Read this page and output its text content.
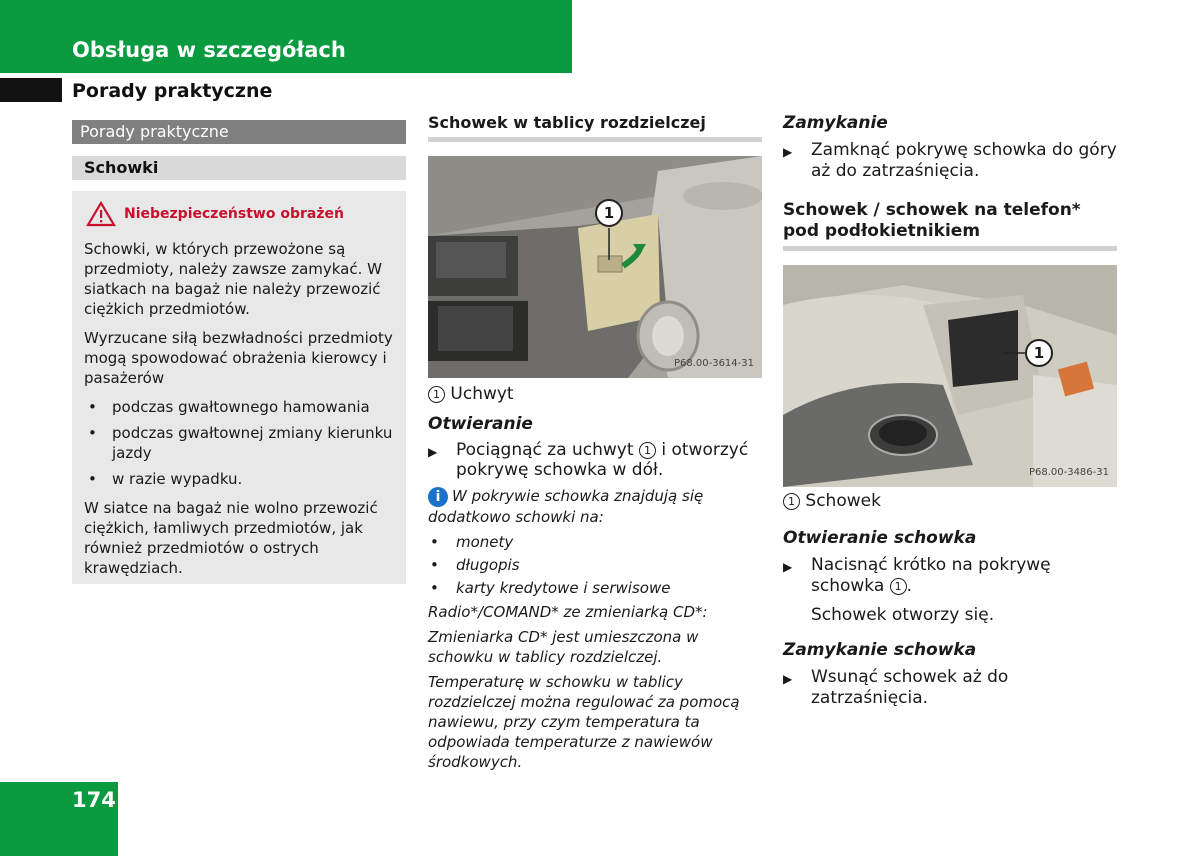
Obsługa w szczegółach
Porady praktyczne
Porady praktyczne
Schowki
Niebezpieczeństwo obrażeń

Schowki, w których przewożone są przedmioty, należy zawsze zamykać. W siatkach na bagaż nie należy przewozić ciężkich przedmiotów.

Wyrzucane siłą bezwładności przedmioty mogą spowodować obrażenia kierowcy i pasażerów

• podczas gwałtownego hamowania
• podczas gwałtownej zmiany kierunku jazdy
• w razie wypadku.

W siatce na bagaż nie wolno przewozić ciężkich, łamliwych przedmiotów, jak również przedmiotów o ostrych krawędziach.

Schowek w tablicy rozdzielczej
1
P68.00-3614-31
1 Uchwyt
Otwieranie
▶	Pociągnąć za uchwyt 1 i otworzyć pokrywę schowka w dół.

i W pokrywie schowka znajdują się dodatkowo schowki na:

• monety
• długopis
• karty kredytowe i serwisowe

Radio*/COMAND* ze zmieniarką CD*:

Zmieniarka CD* jest umieszczona w schowku w tablicy rozdzielczej.

Temperaturę w schowku w tablicy rozdzielczej można regulować za pomocą nawiewu, przy czym temperatura ta odpowiada temperaturze z nawiewów środkowych.

Zamykanie
▶	Zamknąć pokrywę schowka do góry aż do zatrzaśnięcia.
Schowek / schowek na telefon* pod podłokietnikiem
1
P68.00-3486-31
1 Schowek
Otwieranie schowka
▶	Nacisnąć krótko na pokrywę schowka 1 .
Schowek otworzy się.
Zamykanie schowka
▶	Wsunąć schowek aż do zatrzaśnięcia.
174
